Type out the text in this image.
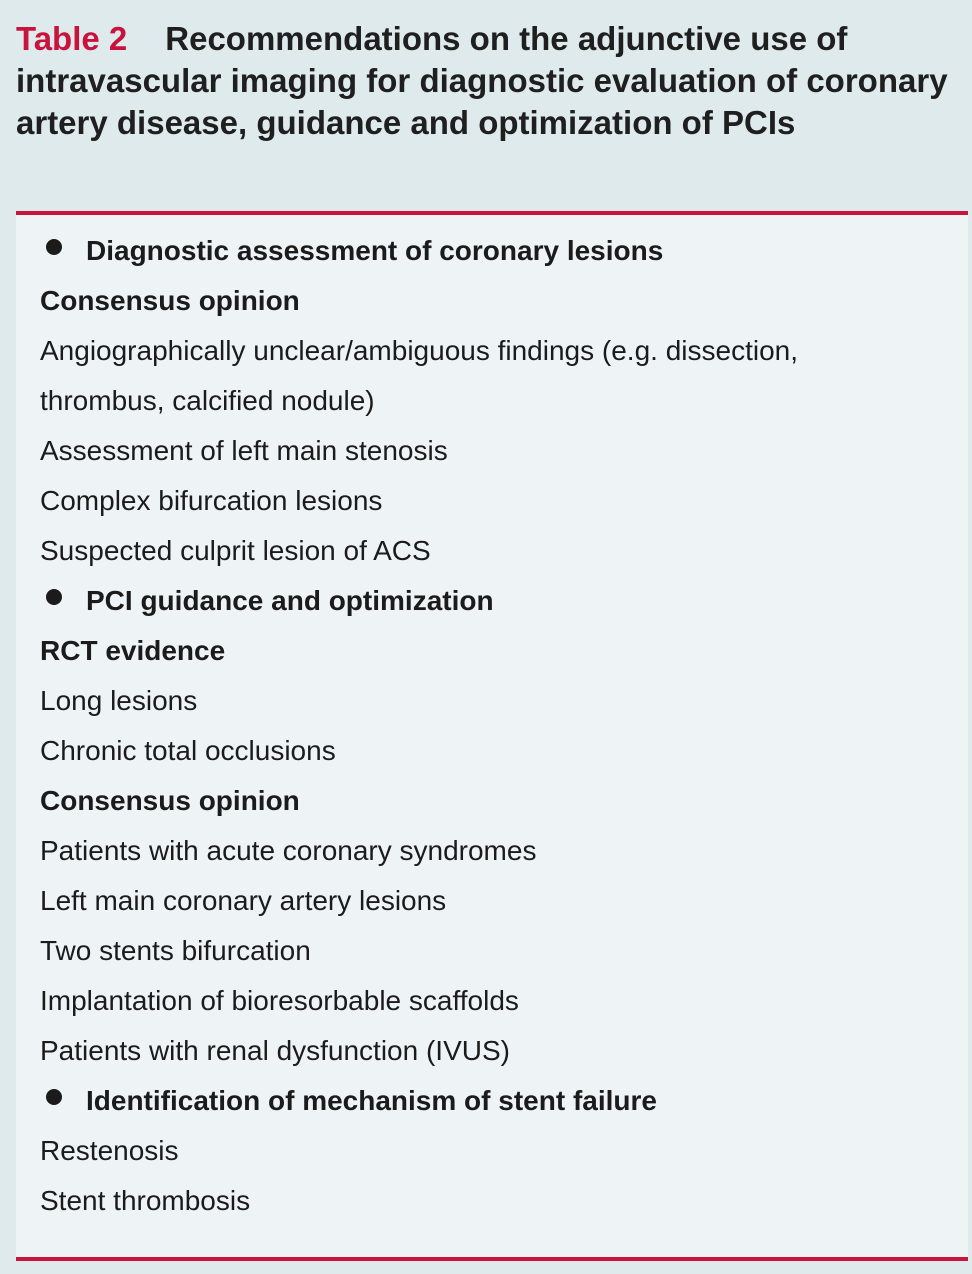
Table 2 Recommendations on the adjunctive use of intravascular imaging for diagnostic evaluation of coronary artery disease, guidance and optimization of PCIs
Diagnostic assessment of coronary lesions
Consensus opinion
Angiographically unclear/ambiguous findings (e.g. dissection,
thrombus, calcified nodule)
Assessment of left main stenosis
Complex bifurcation lesions
Suspected culprit lesion of ACS
PCI guidance and optimization
RCT evidence
Long lesions
Chronic total occlusions
Consensus opinion
Patients with acute coronary syndromes
Left main coronary artery lesions
Two stents bifurcation
Implantation of bioresorbable scaffolds
Patients with renal dysfunction (IVUS)
Identification of mechanism of stent failure
Restenosis
Stent thrombosis
